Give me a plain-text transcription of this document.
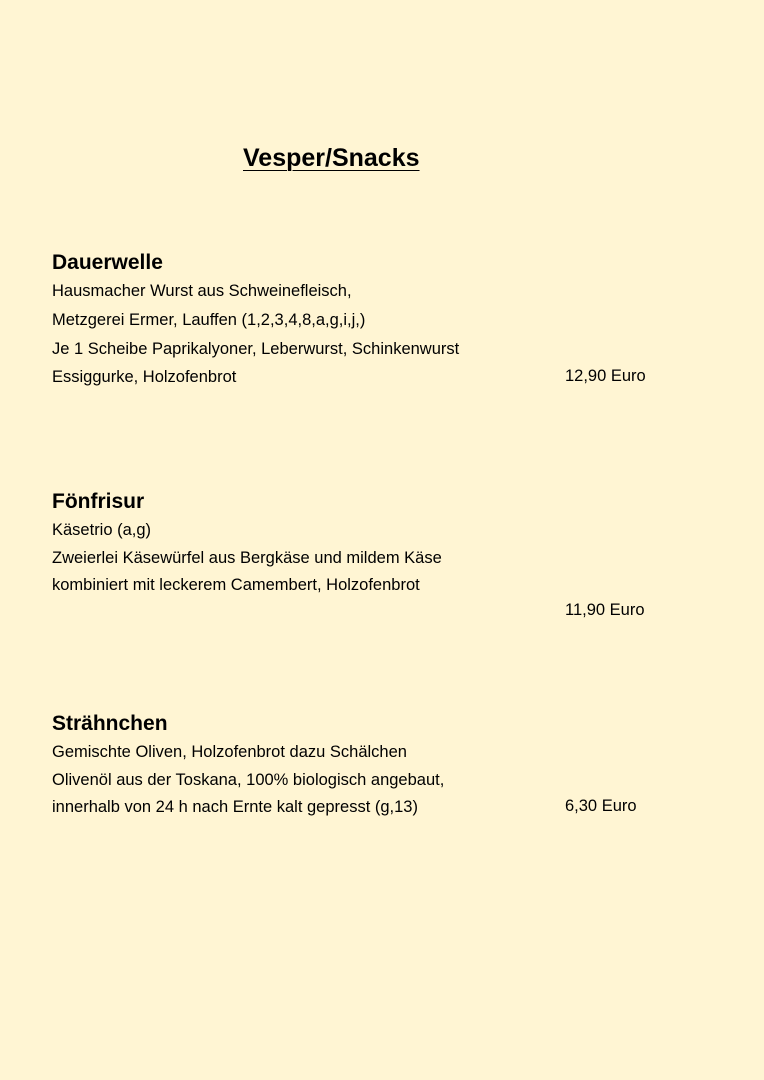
Vesper/Snacks
Dauerwelle
Hausmacher Wurst aus Schweinefleisch,
Metzgerei Ermer, Lauffen (1,2,3,4,8,a,g,i,j,)
Je 1 Scheibe Paprikalyoner, Leberwurst, Schinkenwurst
Essiggurke, Holzofenbrot	12,90 Euro
Fönfrisur
Käsetrio (a,g)
Zweierlei Käsewürfel aus Bergkäse und mildem Käse
kombiniert mit leckerem Camembert, Holzofenbrot
11,90 Euro
Strähnchen
Gemischte Oliven, Holzofenbrot dazu Schälchen
Olivenöl aus der Toskana, 100% biologisch angebaut,
innerhalb von 24 h nach Ernte kalt gepresst (g,13)	6,30 Euro
